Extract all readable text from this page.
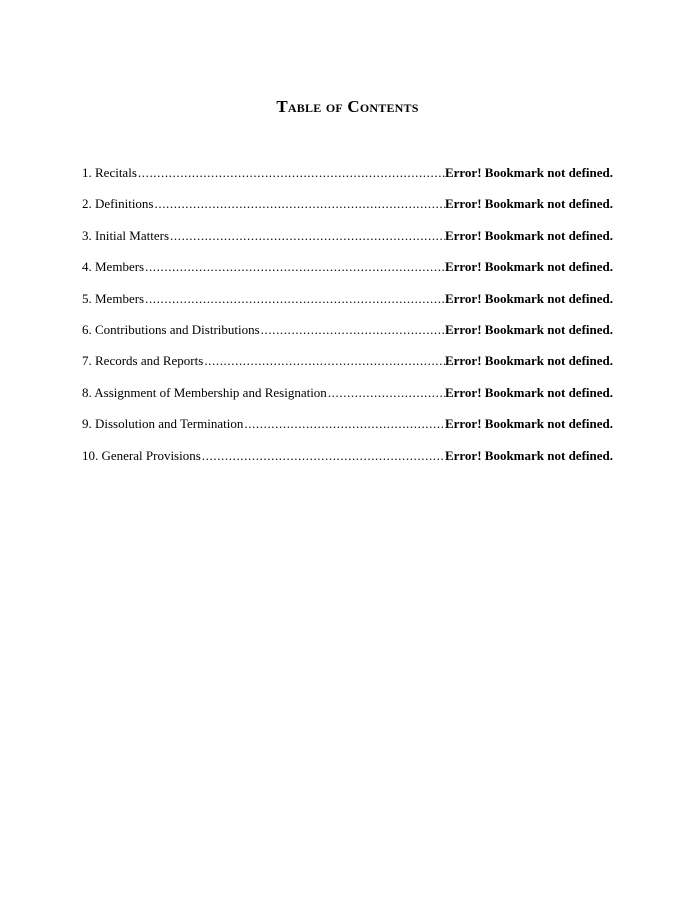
Table of Contents
1. Recitals .....	Error! Bookmark not defined.
2. Definitions .....	Error! Bookmark not defined.
3. Initial Matters .....	Error! Bookmark not defined.
4. Members .....	Error! Bookmark not defined.
5. Members .....	Error! Bookmark not defined.
6. Contributions and Distributions .....	Error! Bookmark not defined.
7. Records and Reports .....	Error! Bookmark not defined.
8. Assignment of Membership and Resignation .....	Error! Bookmark not defined.
9. Dissolution and Termination .....	Error! Bookmark not defined.
10. General Provisions .....	Error! Bookmark not defined.
